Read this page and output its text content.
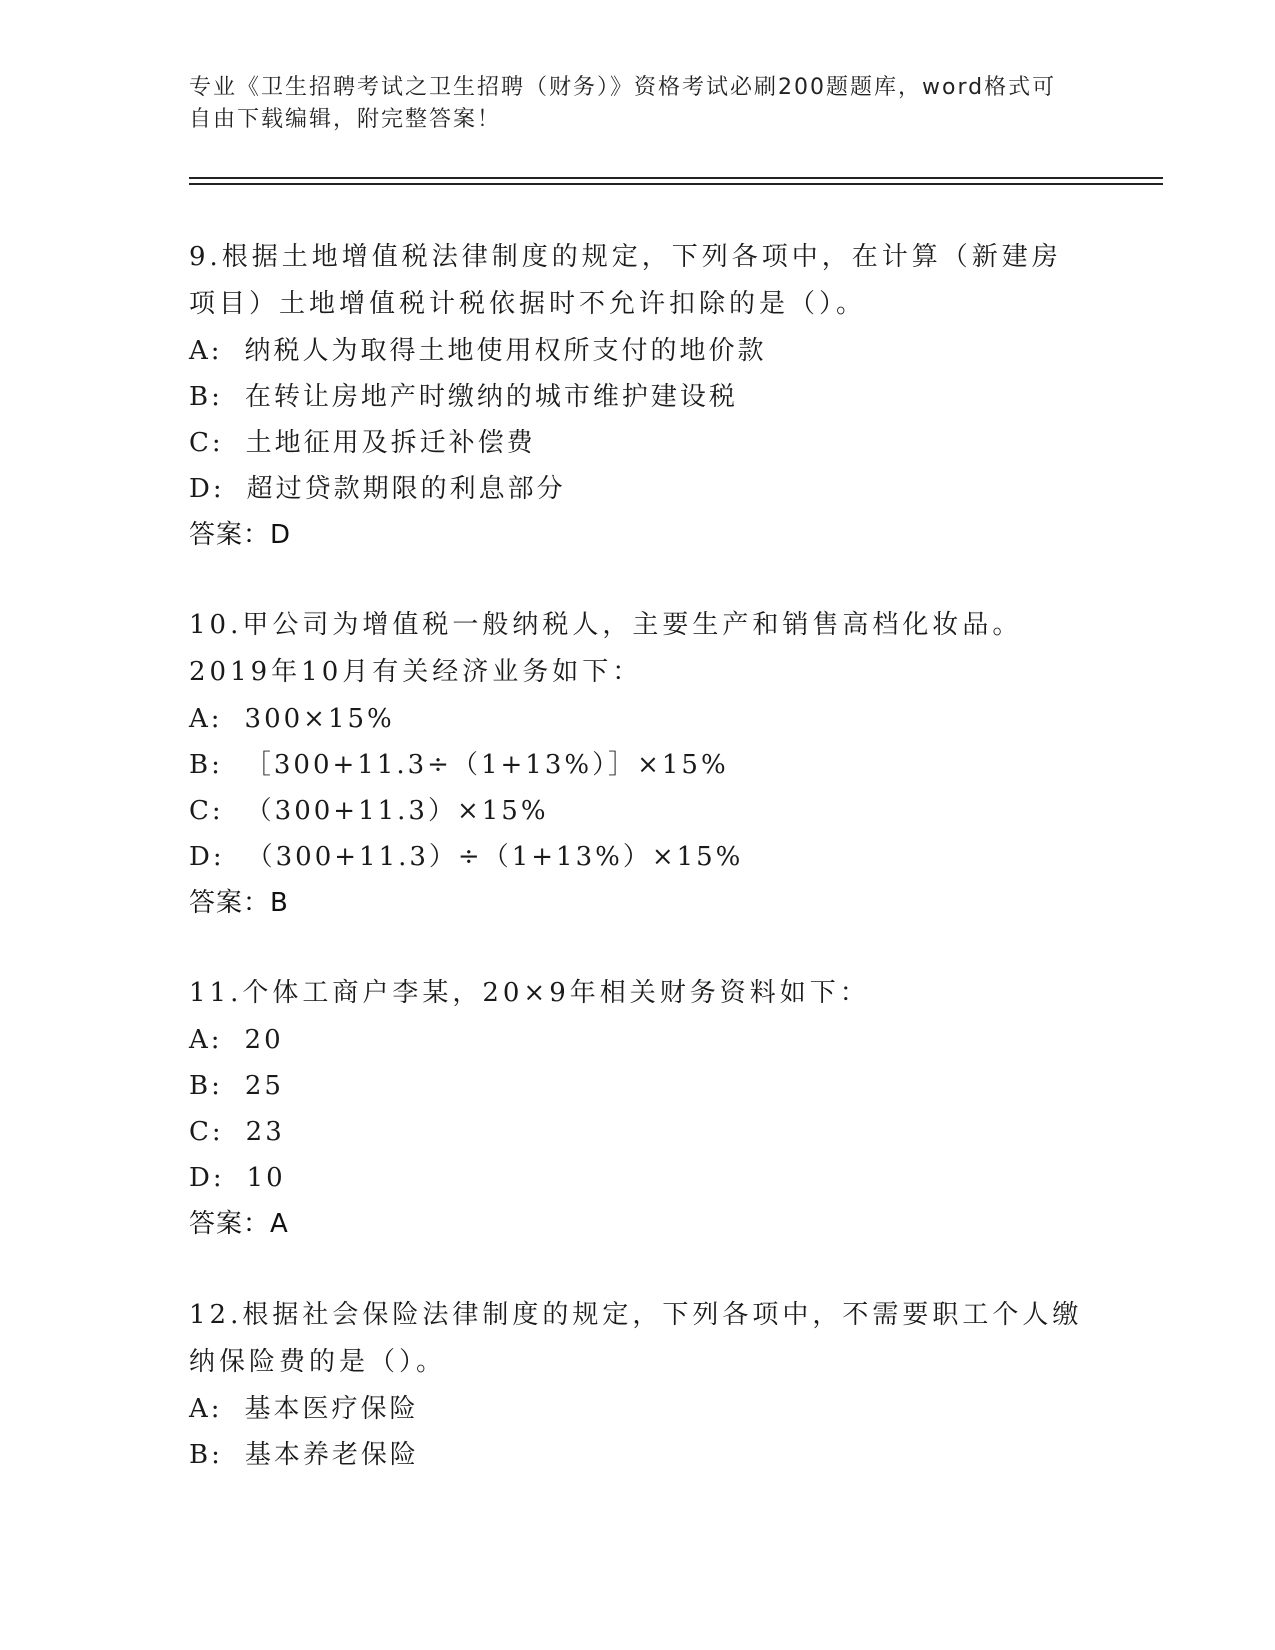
专业《卫生招聘考试之卫生招聘（财务）》资格考试必刷200题题库，word格式可自由下载编辑，附完整答案！
9.根据土地增值税法律制度的规定，下列各项中，在计算（新建房项目）土地增值税计税依据时不允许扣除的是（）。
A: 纳税人为取得土地使用权所支付的地价款
B: 在转让房地产时缴纳的城市维护建设税
C: 土地征用及拆迁补偿费
D: 超过贷款期限的利息部分
答案：D
10.甲公司为增值税一般纳税人，主要生产和销售高档化妆品。2019年10月有关经济业务如下：
A: 300×15%
B: ［300+11.3÷（1+13%）］×15%
C: （300+11.3）×15%
D: （300+11.3）÷（1+13%）×15%
答案：B
11.个体工商户李某，20×9年相关财务资料如下：
A: 20
B: 25
C: 23
D: 10
答案：A
12.根据社会保险法律制度的规定，下列各项中，不需要职工个人缴纳保险费的是（）。
A: 基本医疗保险
B: 基本养老保险
